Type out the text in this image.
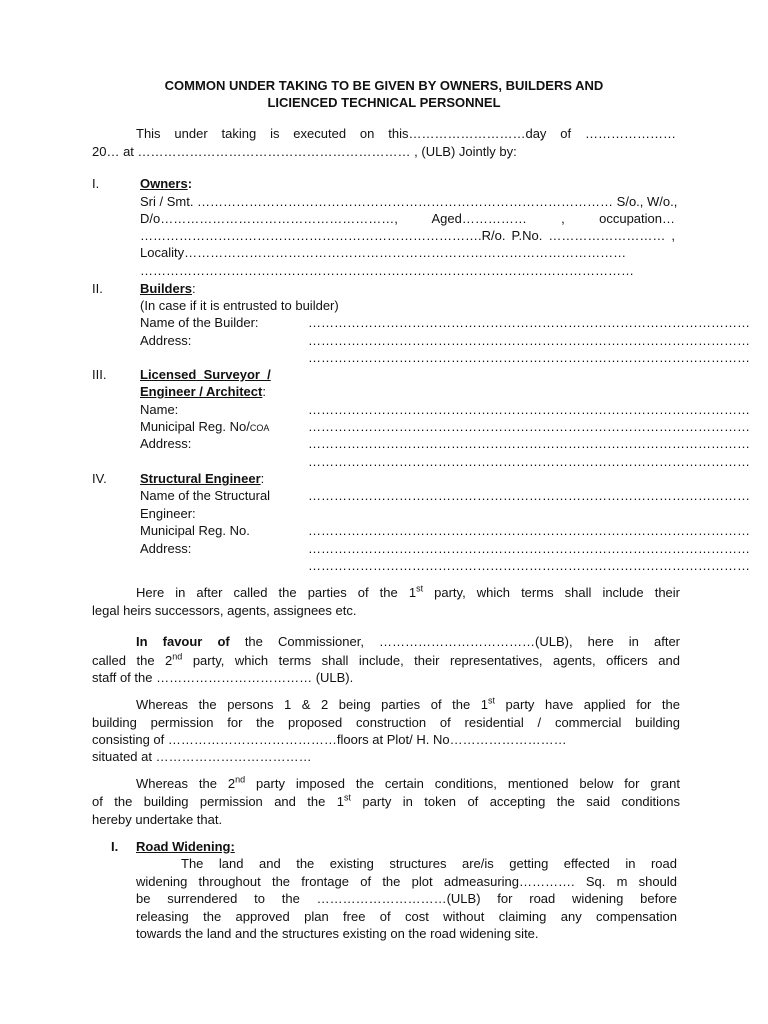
COMMON UNDER TAKING TO BE GIVEN BY OWNERS, BUILDERS AND
LICIENCED TECHNICAL PERSONNEL
This under taking is executed on this………………………day of …………………
20… at ……………………………………………………… , (ULB) Jointly by:
I.	Owners:
Sri / Smt. …………………………………………………………………………………… S/o., W/o.,
D/o………………………………………………, Aged…………… , occupation…
…………………………………………………………………….R/o. P.No. ……………………… ,
Locality…………………………………………………………………………………………
……………………………………………………………………………………………………
II.	Builders:
(In case if it is entrusted to builder)
Name of the Builder:	…………………………………………………………………………………………
Address:	…………………………………………………………………………………………
…………………………………………………………………………………………
III.	Licensed  Surveyor  /
Engineer / Architect:
Name:	…………………………………………………………………………………………
Municipal Reg. No/COA	…………………………………………………………………………………………
Address:	…………………………………………………………………………………………
…………………………………………………………………………………………
IV.	Structural Engineer:
Name of the Structural	…………………………………………………………………………………………
Engineer:
Municipal Reg. No.	…………………………………………………………………………………………
Address:	…………………………………………………………………………………………
…………………………………………………………………………………………
Here in after called the parties of the 1st party, which terms shall include their
legal heirs successors, agents, assignees etc.
In favour of the Commissioner, ………………………………(ULB), here in after
called the 2nd party, which terms shall include, their representatives, agents, officers and
staff of the ……………………………… (ULB).
Whereas the persons 1 & 2 being parties of the 1st party have applied for the
building permission for the proposed construction of residential / commercial building
consisting of …………………………………floors at Plot/ H. No………………………
situated at ………………………………
Whereas the 2nd party imposed the certain conditions, mentioned below for grant
of the building permission and the 1st party in token of accepting the said conditions
hereby undertake that.
I. Road Widening:
The land and the existing structures are/is getting effected in road
widening throughout the frontage of the plot admeasuring…………. Sq. m should
be surrendered to the …………………………(ULB) for road widening before
releasing the approved plan free of cost without claiming any compensation
towards the land and the structures existing on the road widening site.
